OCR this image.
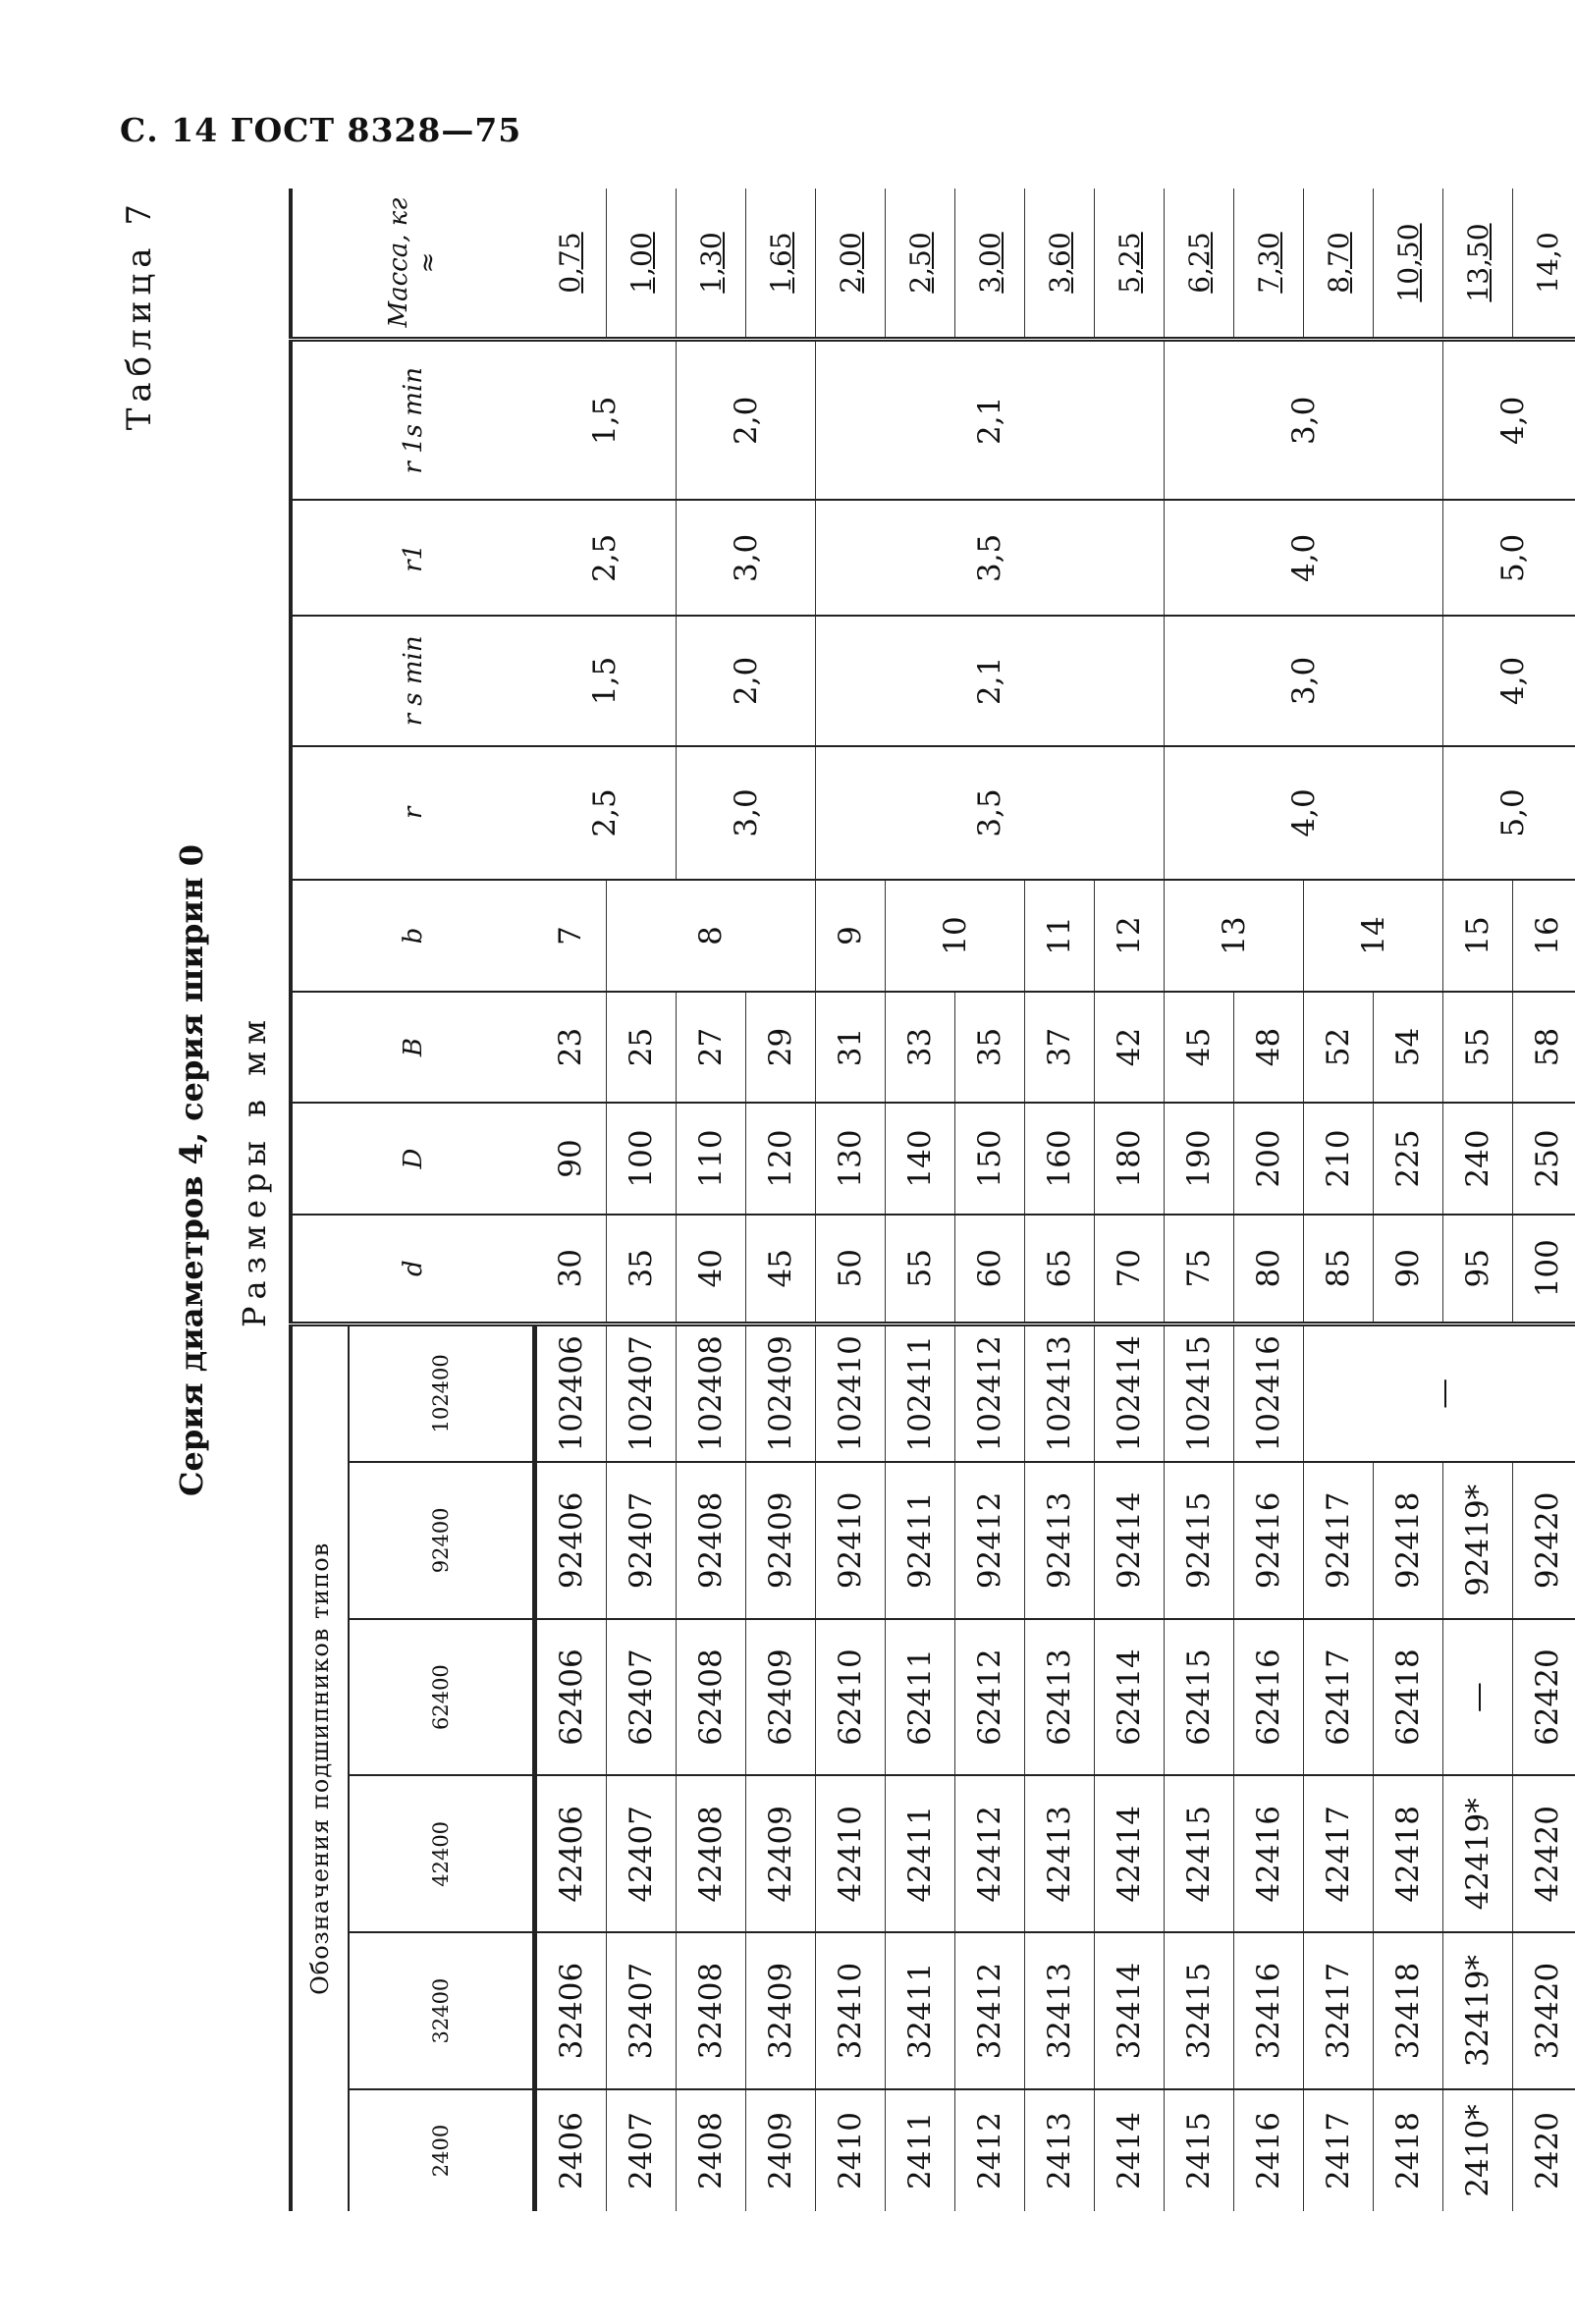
С. 14 ГОСТ 8328—75
Таблица 7
Серия диаметров 4, серия ширин 0 Размеры в мм
Обозначения подшипников типов						d	D	B	b	r	r s min	r1	r 1s min	Масса, кг ≈
2400	32400	42400	62400	92400	102400									
2406	32406	42406	62406	92406	102406	30	90	23	7	2,5	1,5	2,5	1,5	0,75
2407	32407	42407	62407	92407	102407	35	100	25	8					1,00
2408	32408	42408	62408	92408	102408	40	110	27		3,0	2,0	3,0	2,0	1,30
2409	32409	42409	62409	92409	102409	45	120	29						1,65
2410	32410	42410	62410	92410	102410	50	130	31	9	3,5	2,1	3,5	2,1	2,00
2411	32411	42411	62411	92411	102411	55	140	33	10					2,50
2412	32412	42412	62412	92412	102412	60	150	35						3,00
2413	32413	42413	62413	92413	102413	65	160	37	11					3,60
2414	32414	42414	62414	92414	102414	70	180	42	12					5,25
2415	32415	42415	62415	92415	102415	75	190	45	13	4,0	3,0	4,0	3,0	6,25
2416	32416	42416	62416	92416	102416	80	200	48						7,30
2417	32417	42417	62417	92417	—	85	210	52	14					8,70
2418	32418	42418	62418	92418		90	225	54						10,50
2410*	32419*	42419*	—	92419*		95	240	55	15	5,0	4,0	5,0	4,0	13,50
2420	32420	42420	62420	92420		100	250	58	16					14,0
